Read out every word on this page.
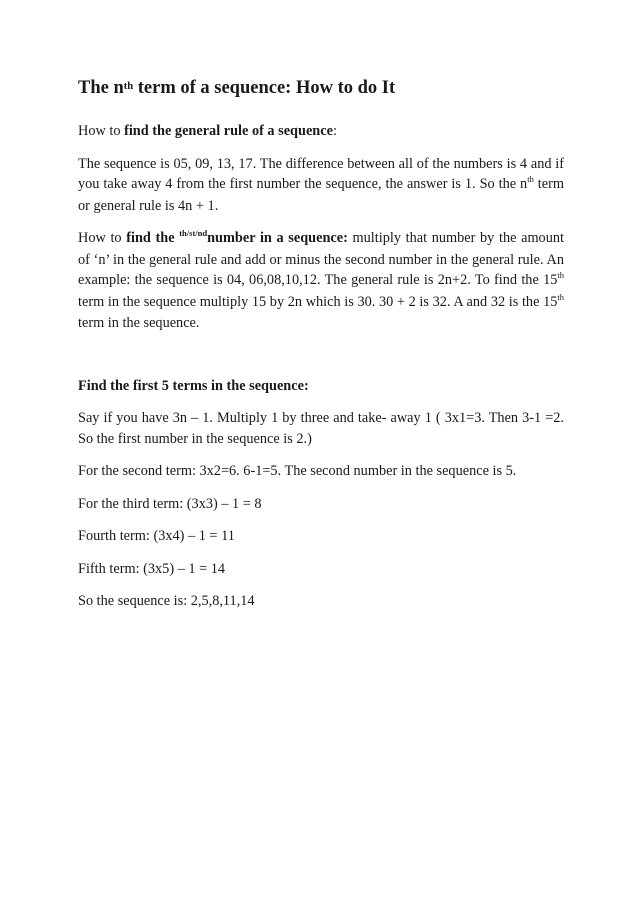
The $n^{th}$ term of a sequence: How to do It

How to find the general rule of a sequence:

The sequence is 05, 09, 13, 17. The difference between all of the numbers is 4 and if you take away 4 from the first number the sequence, the answer is 1. So the $n^{th}$ term or general rule is 4n + 1.

How to find the $^{th/st/nd}$number in a sequence: multiply that number by the amount of ‘n’ in the general rule and add or minus the second number in the general rule. An example: the sequence is 04, 06,08,10,12. The general rule is 2n+2. To find the 15th term in the sequence multiply 15 by 2n which is 30. 30 + 2 is 32. A and 32 is the 15th term in the sequence.

Find the first 5 terms in the sequence:

Say if you have 3n – 1. Multiply 1 by three and take- away 1 ( 3x1=3. Then 3-1 =2. So the first number in the sequence is 2.)

For the second term: 3x2=6. 6-1=5. The second number in the sequence is 5.

For the third term: (3x3) – 1 = 8

Fourth term: (3x4) – 1 = 11

Fifth term: (3x5) – 1 = 14

So the sequence is: 2,5,8,11,14
